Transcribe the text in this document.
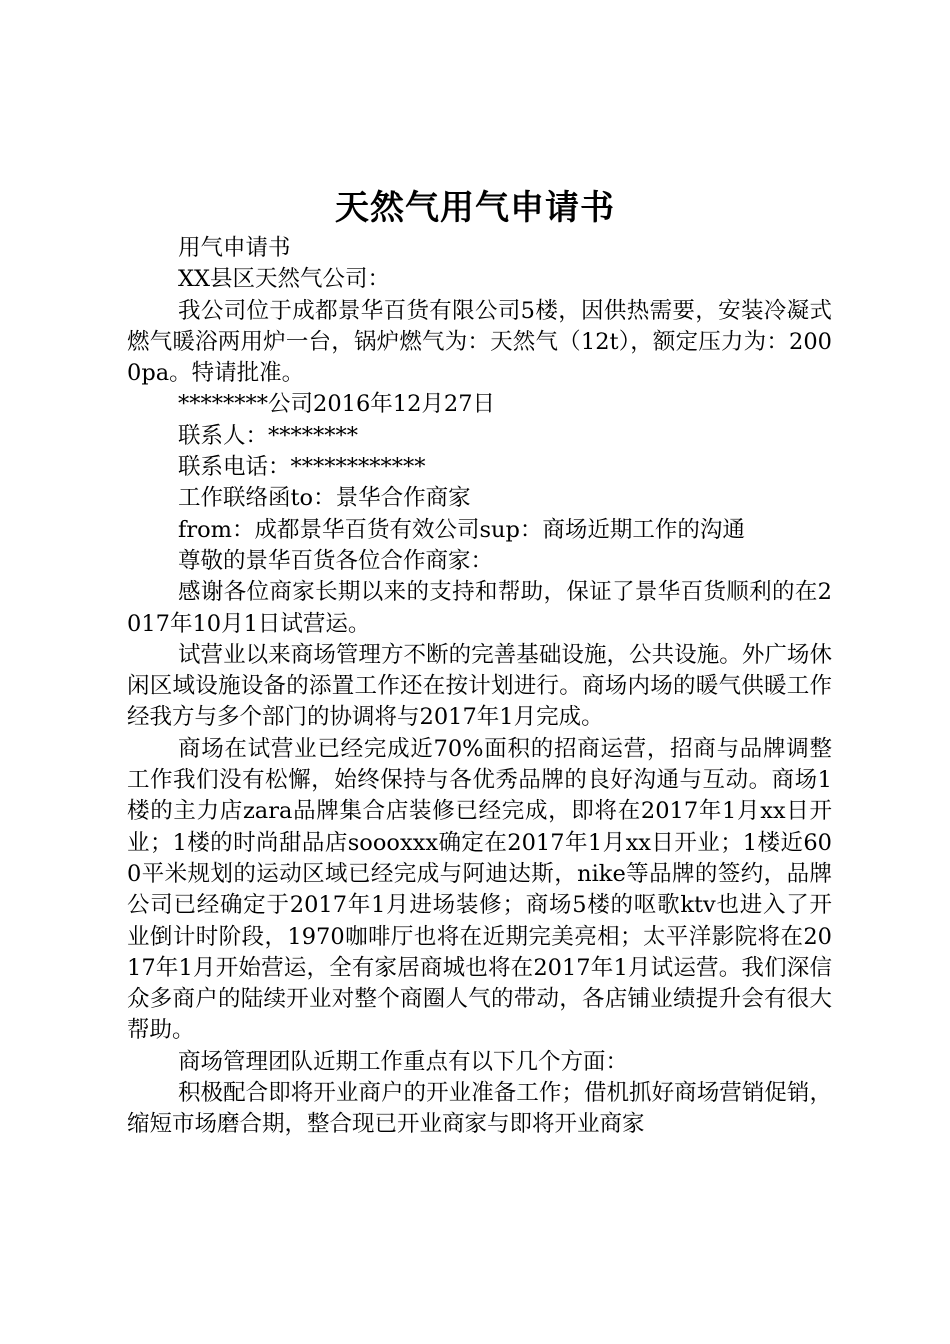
天然气用气申请书

用气申请书

XX县区天然气公司：

我公司位于成都景华百货有限公司5楼，因供热需要，安装冷凝式燃气暖浴两用炉一台，锅炉燃气为：天然气（12t），额定压力为：2000pa。特请批准。

********公司2016年12月27日

联系人：********

联系电话：************

工作联络函to：景华合作商家

from：成都景华百货有效公司sup：商场近期工作的沟通

尊敬的景华百货各位合作商家：

感谢各位商家长期以来的支持和帮助，保证了景华百货顺利的在2017年10月1日试营运。

试营业以来商场管理方不断的完善基础设施，公共设施。外广场休闲区域设施设备的添置工作还在按计划进行。商场内场的暖气供暖工作经我方与多个部门的协调将与2017年1月完成。

商场在试营业已经完成近70%面积的招商运营，招商与品牌调整工作我们没有松懈，始终保持与各优秀品牌的良好沟通与互动。商场1楼的主力店zara品牌集合店装修已经完成，即将在2017年1月xx日开业；1楼的时尚甜品店soooxxx确定在2017年1月xx日开业；1楼近600平米规划的运动区域已经完成与阿迪达斯，nike等品牌的签约，品牌公司已经确定于2017年1月进场装修；商场5楼的呕歌ktv也进入了开业倒计时阶段，1970咖啡厅也将在近期完美亮相；太平洋影院将在2017年1月开始营运，全有家居商城也将在2017年1月试运营。我们深信众多商户的陆续开业对整个商圈人气的带动，各店铺业绩提升会有很大帮助。

商场管理团队近期工作重点有以下几个方面：

积极配合即将开业商户的开业准备工作；借机抓好商场营销促销，缩短市场磨合期，整合现已开业商家与即将开业商家
